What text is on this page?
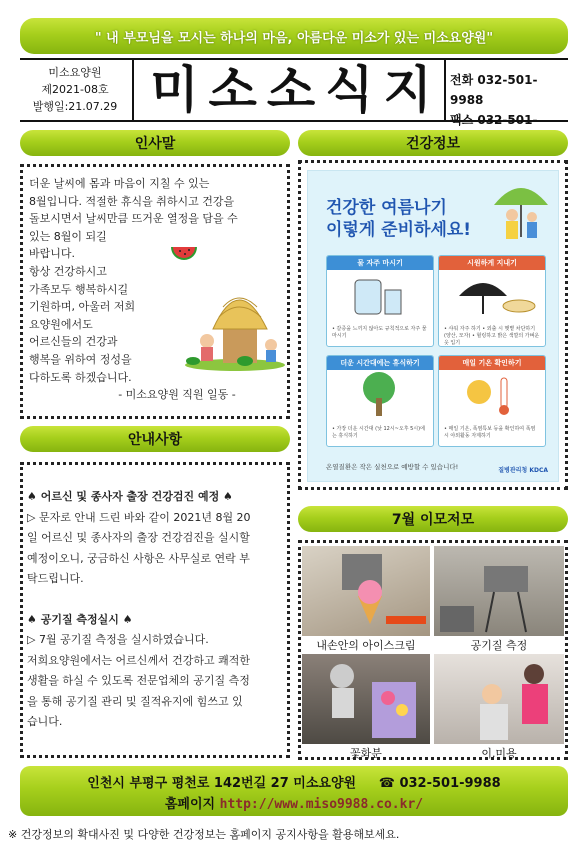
" 내 부모님을 모시는 하나의 마음, 아름다운 미소가 있는 미소요양원"
미소요양원
제2021-08호
발행일:21.07.29 미소소식지 전화 032-501-9988
팩스 032-501-
인사말
더운 날씨에 몸과 마음이 지칠 수 있는
8월입니다. 적절한 휴식을 취하시고 건강을
돌보시면서 날씨만큼 뜨거운 열정을 담을 수
있는 8월이 되길
바랍니다.
항상 건강하시고
가족모두 행복하시길
기원하며, 아울러 저희
요양원에서도
어르신들의 건강과
행복을 위하여 정성을
다하도록 하겠습니다.
- 미소요양원 직원 일동 -
안내사항
♠ 어르신 및 종사자 출장 건강검진 예정 ♠
▷ 문자로 안내 드린 바와 같이 2021년 8월 20
일 어르신 및 종사자의 출장 건강검진을 실시할
예정이오니, 궁금하신 사항은 사무실로 연락 부
탁드립니다.
♠ 공기질 측정실시 ♠
▷ 7월 공기질 측정을 실시하였습니다.
저희요양원에서는 어르신께서 건강하고 쾌적한
생활을 하실 수 있도록 전문업체의 공기질 측정
을 통해 공기질 관리 및 질적유지에 힘쓰고 있
습니다.
건강정보
건강한 여름나기
이렇게 준비하세요!
물 자주 마시기
• 갈증을 느끼지 않아도 규칙적으로 자주 물 마시기
시원하게 지내기
• 샤워 자주 하기 • 외출 시 햇볕 차단하기(양산, 모자) • 헐렁하고 밝은 색깔의 가벼운 옷 입기
더운 시간대에는 휴식하기
• 가장 더운 시간대 (낮 12시~오후 5시)에는 휴식하기
매일 기온 확인하기
• 매일 기온, 폭염특보 등을 확인하여 폭염 시 야외활동 자제하기
온열질환은 작은 실천으로 예방할 수 있습니다!	질병관리청 KDCA
7월 이모저모
내손안의 아이스크림	공기질 측정
꽃화분	이.미용
인천시 부평구 평천로 142번길 27 미소요양원 ☎ 032-501-9988
홈페이지 http://www.miso9988.co.kr/
※ 건강정보의 확대사진 및 다양한 건강정보는 홈페이지 공지사항을 활용해보세요.
